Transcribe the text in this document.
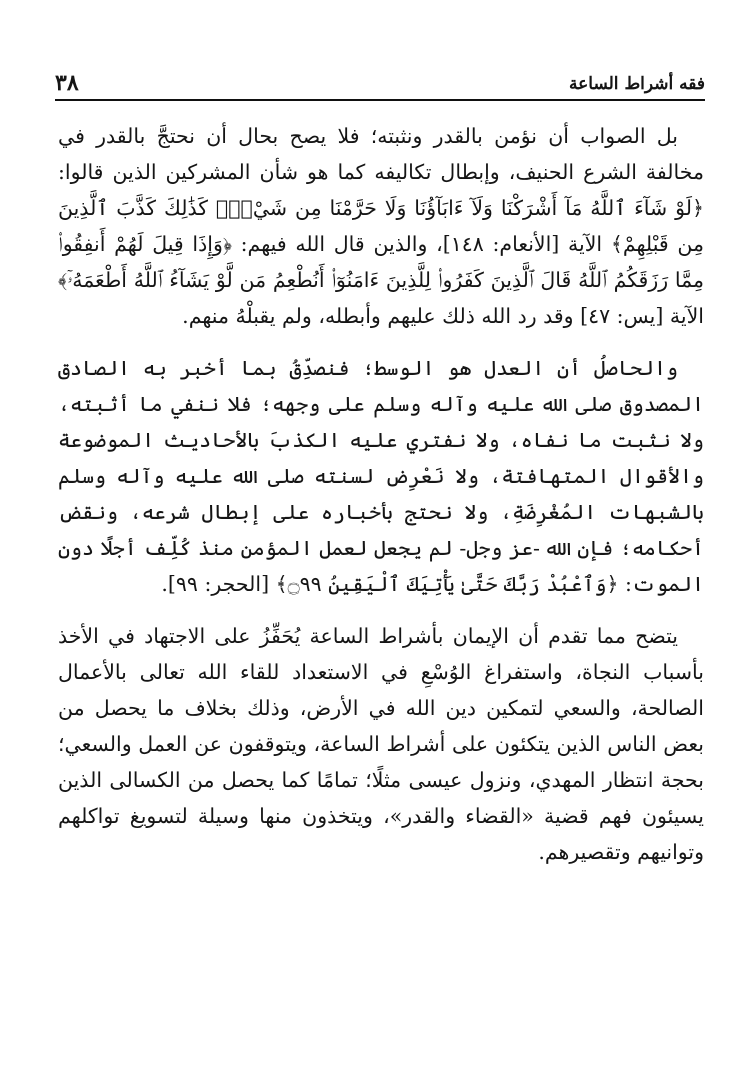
٣٨	فقه أشراط الساعة

بل الصواب أن نؤمن بالقدر ونثبته؛ فلا يصح بحال أن نحتجَّ بالقدر في مخالفة الشرع الحنيف، وإبطال تكاليفه كما هو شأن المشركين الذين قالوا: ﴿لَوْ شَآءَ ٱللَّهُ مَآ أَشْرَكْنَا وَلَآ ءَابَآؤُنَا وَلَا حَرَّمْنَا مِن شَيْءٍۚ كَذَٰلِكَ كَذَّبَ ٱلَّذِينَ مِن قَبْلِهِمْ﴾ الآية [الأنعام: ١٤٨]، والذين قال الله فيهم: ﴿وَإِذَا قِيلَ لَهُمْ أَنفِقُوا۟ مِمَّا رَزَقَكُمُ ٱللَّهُ قَالَ ٱلَّذِينَ كَفَرُوا۟ لِلَّذِينَ ءَامَنُوٓا۟ أَنُطْعِمُ مَن لَّوْ يَشَآءُ ٱللَّهُ أَطْعَمَهُۥٓ﴾ الآية [يس: ٤٧] وقد رد الله ذلك عليهم وأبطله، ولم يقبلْهُ منهم.

والحاصلُ أن العدل هو الوسط؛ فنصدِّقُ بما أخبر به الصادق المصدوق صلى الله عليه وآله وسلم على وجهه؛ فلا ننفي ما أثبته، ولا نثبت ما نفاه، ولا نفتري عليه الكذبَ بالأحاديث الموضوعة والأقوال المتهافتة، ولا نَعْرِض لسنته صلى الله عليه وآله وسلم بالشبهات المُغْرِضَةِ، ولا نحتج بأخباره على إبطال شرعه، ونقض أحكامه؛ فإن الله -عز وجل- لم يجعل لعمل المؤمن منذ كُلِّف أجلًا دون الموت: ﴿وَٱعْبُدْ رَبَّكَ حَتَّىٰ يَأْتِيَكَ ٱلْيَقِينُ ۝٩٩﴾ [الحجر: ٩٩].

يتضح مما تقدم أن الإيمان بأشراط الساعة يُحَفِّزُ على الاجتهاد في الأخذ بأسباب النجاة، واستفراغ الوُسْعِ في الاستعداد للقاء الله تعالى بالأعمال الصالحة، والسعي لتمكين دين الله في الأرض، وذلك بخلاف ما يحصل من بعض الناس الذين يتكئون على أشراط الساعة، ويتوقفون عن العمل والسعي؛ بحجة انتظار المهدي، ونزول عيسى مثلًا؛ تمامًا كما يحصل من الكسالى الذين يسيئون فهم قضية «القضاء والقدر»، ويتخذون منها وسيلة لتسويغ تواكلهم وتوانيهم وتقصيرهم.
